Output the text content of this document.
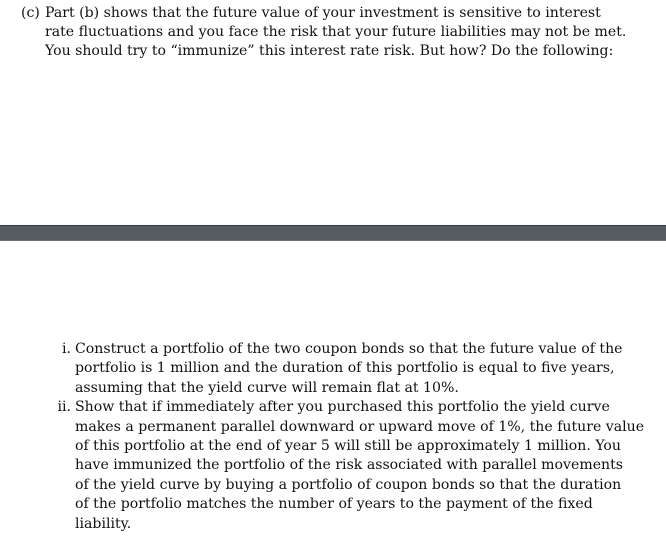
(c) Part (b) shows that the future value of your investment is sensitive to interest
rate fluctuations and you face the risk that your future liabilities may not be met.
You should try to “immunize” this interest rate risk. But how? Do the following:
i. Construct a portfolio of the two coupon bonds so that the future value of the
portfolio is 1 million and the duration of this portfolio is equal to five years,
assuming that the yield curve will remain flat at 10%.
ii. Show that if immediately after you purchased this portfolio the yield curve
makes a permanent parallel downward or upward move of 1%, the future value
of this portfolio at the end of year 5 will still be approximately 1 million. You
have immunized the portfolio of the risk associated with parallel movements
of the yield curve by buying a portfolio of coupon bonds so that the duration
of the portfolio matches the number of years to the payment of the fixed
liability.
